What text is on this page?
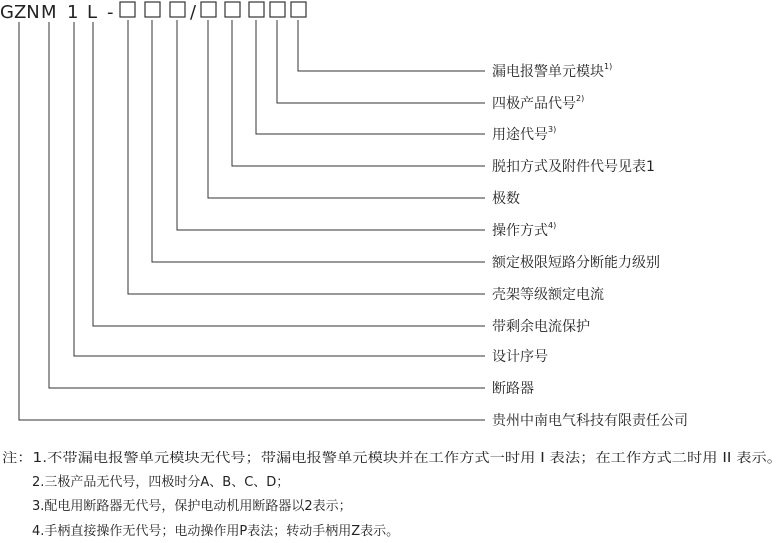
GZN M 1 L -	/
漏电报警单元模块$^{1)}$
四极产品代号$^{2)}$
用途代号$^{3)}$
脱扣方式及附件代号见表1
极数
操作方式$^{4)}$
额定极限短路分断能力级别
壳架等级额定电流
带剩余电流保护
设计序号
断路器
贵州中南电气科技有限责任公司
注：1.不带漏电报警单元模块无代号；带漏电报警单元模块并在工作方式一时用 I 表法；在工作方式二时用 II 表示。
2.三极产品无代号，四极时分A、B、C、D；
3.配电用断路器无代号，保护电动机用断路器以2表示；
4.手柄直接操作无代号；电动操作用P表法；转动手柄用Z表示。
